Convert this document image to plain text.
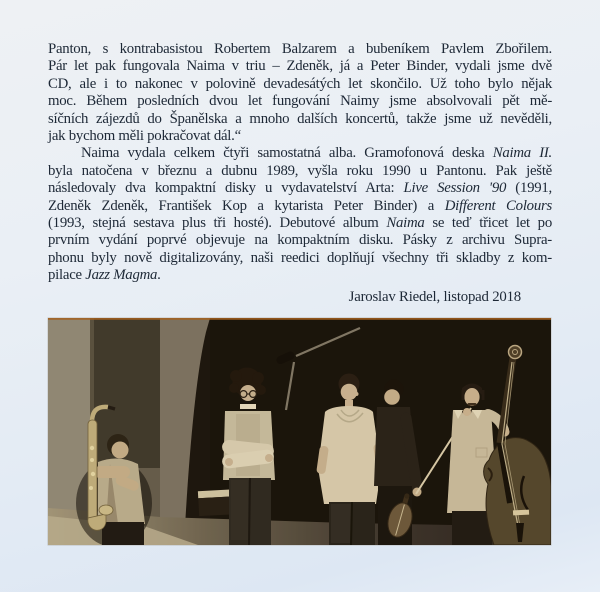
Panton, s kontrabasistou Robertem Balzarem a bubeníkem Pavlem Zbořilem.
Pár let pak fungovala Naima v triu – Zdeněk, já a Peter Binder, vydali jsme dvě
CD, ale i to nakonec v polovině devadesátých let skončilo. Už toho bylo nějak
moc. Během posledních dvou let fungování Naimy jsme absolvovali pět mě-
síčních zájezdů do Španělska a mnoho dalších koncertů, takže jsme už nevěděli,
jak bychom měli pokračovat dál.“
Naima vydala celkem čtyři samostatná alba. Gramofonová deska Naima II.
byla natočena v březnu a dubnu 1989, vyšla roku 1990 u Pantonu. Pak ještě
následovaly dva kompaktní disky u vydavatelství Arta: Live Session '90 (1991,
Zdeněk Zdeněk, František Kop a kytarista Peter Binder) a Different Colours
(1993, stejná sestava plus tři hosté). Debutové album Naima se teď třicet let po
prvním vydání poprvé objevuje na kompaktním disku. Pásky z archivu Supra-
phonu byly nově digitalizovány, naši reedici doplňují všechny tři skladby z kom-
pilace Jazz Magma.
Jaroslav Riedel, listopad 2018
